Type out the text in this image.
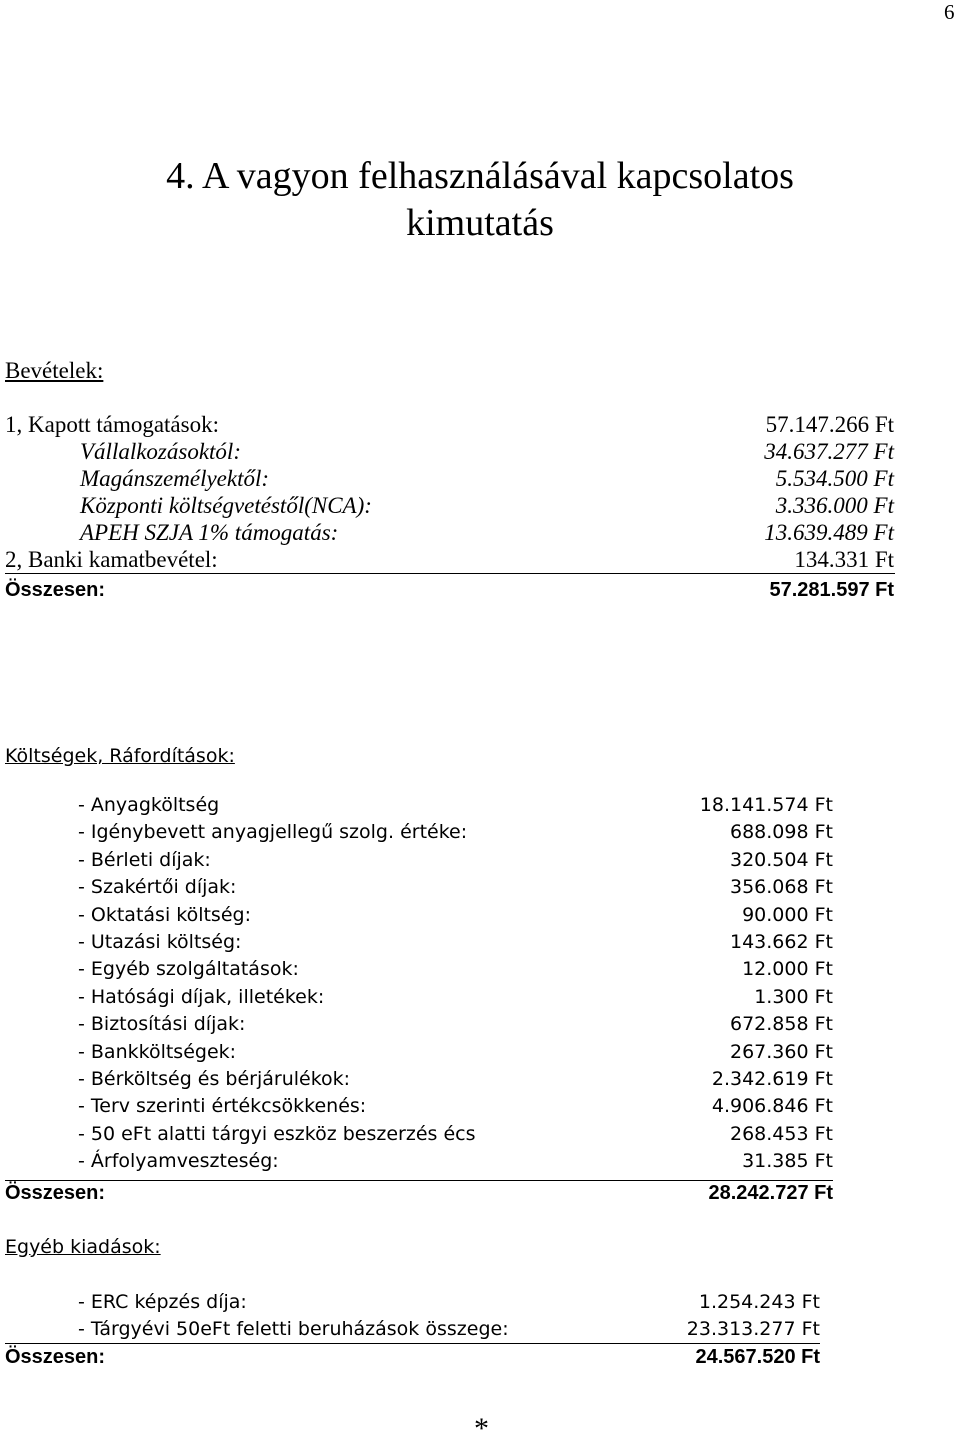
6
4. A vagyon felhasználásával kapcsolatos
kimutatás
Bevételek:
1, Kapott támogatások:	57.147.266 Ft
Vállalkozásoktól:	34.637.277 Ft
Magánszemélyektől:	5.534.500 Ft
Központi költségvetéstől(NCA):	3.336.000 Ft
APEH SZJA 1% támogatás:	13.639.489 Ft
2, Banki kamatbevétel:	134.331 Ft
Összesen:	57.281.597 Ft
Költségek, Ráfordítások:
- Anyagköltség	18.141.574 Ft
- Igénybevett anyagjellegű szolg. értéke:	688.098 Ft
- Bérleti díjak:	320.504 Ft
- Szakértői díjak:	356.068 Ft
- Oktatási költség:	90.000 Ft
- Utazási költség:	143.662 Ft
- Egyéb szolgáltatások:	12.000 Ft
- Hatósági díjak, illetékek:	1.300 Ft
- Biztosítási díjak:	672.858 Ft
- Bankköltségek:	267.360 Ft
- Bérköltség és bérjárulékok:	2.342.619 Ft
- Terv szerinti értékcsökkenés:	4.906.846 Ft
- 50 eFt alatti tárgyi eszköz beszerzés écs	268.453 Ft
- Árfolyamveszteség:	31.385 Ft
Összesen:	28.242.727 Ft
Egyéb kiadások:
- ERC képzés díja:	1.254.243 Ft
- Tárgyévi 50eFt feletti beruházások összege:	23.313.277 Ft
Összesen:	24.567.520 Ft
*
